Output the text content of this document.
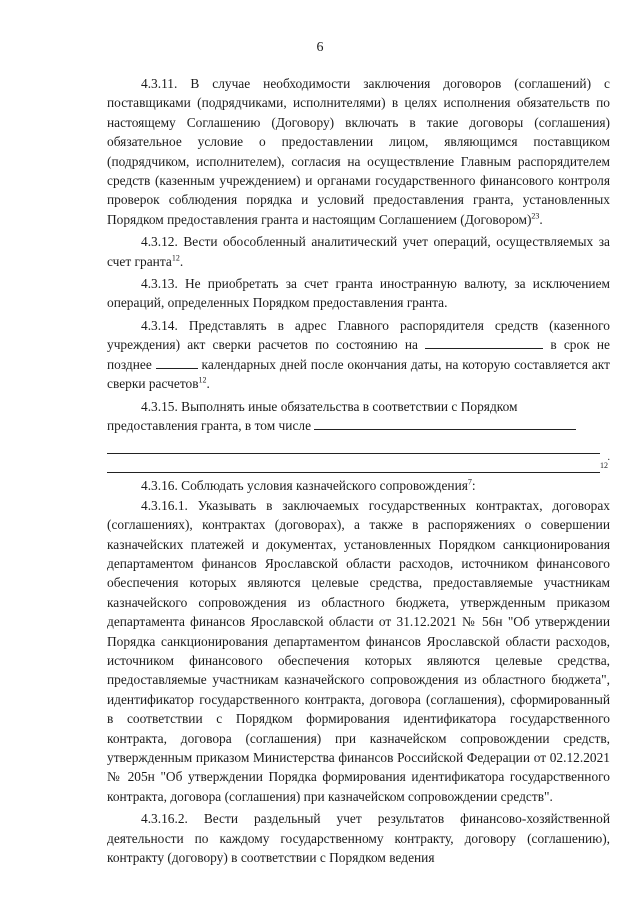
6

4.3.11. В случае необходимости заключения договоров (соглашений) с поставщиками (подрядчиками, исполнителями) в целях исполнения обязательств по настоящему Соглашению (Договору) включать в такие договоры (соглашения) обязательное условие о предоставлении лицом, являющимся поставщиком (подрядчиком, исполнителем), согласия на осуществление Главным распорядителем средств (казенным учреждением) и органами государственного финансового контроля проверок соблюдения порядка и условий предоставления гранта, установленных Порядком предоставления гранта и настоящим Соглашением (Договором)$^{23}$.

4.3.12. Вести обособленный аналитический учет операций, осуществляемых за счет гранта$^{12}$.

4.3.13. Не приобретать за счет гранта иностранную валюту, за исключением операций, определенных Порядком предоставления гранта.

4.3.14. Представлять в адрес Главного распорядителя средств (казенного учреждения) акт сверки расчетов по состоянию на	в срок не позднее	календарных дней после окончания даты, на которую составляется акт сверки расчетов$^{12}$.

4.3.15. Выполнять иные обязательства в соответствии с Порядком предоставления гранта, в том числе

12
.

4.3.16. Соблюдать условия казначейского сопровождения$^7$:

4.3.16.1. Указывать в заключаемых государственных контрактах, договорах (соглашениях), контрактах (договорах), а также в распоряжениях о совершении казначейских платежей и документах, установленных Порядком санкционирования департаментом финансов Ярославской области расходов, источником финансового обеспечения которых являются целевые средства, предоставляемые участникам казначейского сопровождения из областного бюджета, утвержденным приказом департамента финансов Ярославской области от 31.12.2021 № 56н "Об утверждении Порядка санкционирования департаментом финансов Ярославской области расходов, источником финансового обеспечения которых являются целевые средства, предоставляемые участникам казначейского сопровождения из областного бюджета", идентификатор государственного контракта, договора (соглашения), сформированный в соответствии с Порядком формирования идентификатора государственного контракта, договора (соглашения) при казначейском сопровождении средств, утвержденным приказом Министерства финансов Российской Федерации от 02.12.2021 № 205н "Об утверждении Порядка формирования идентификатора государственного контракта, договора (соглашения) при казначейском сопровождении средств".

4.3.16.2. Вести раздельный учет результатов финансово-хозяйственной деятельности по каждому государственному контракту, договору (соглашению), контракту (договору) в соответствии с Порядком ведения
